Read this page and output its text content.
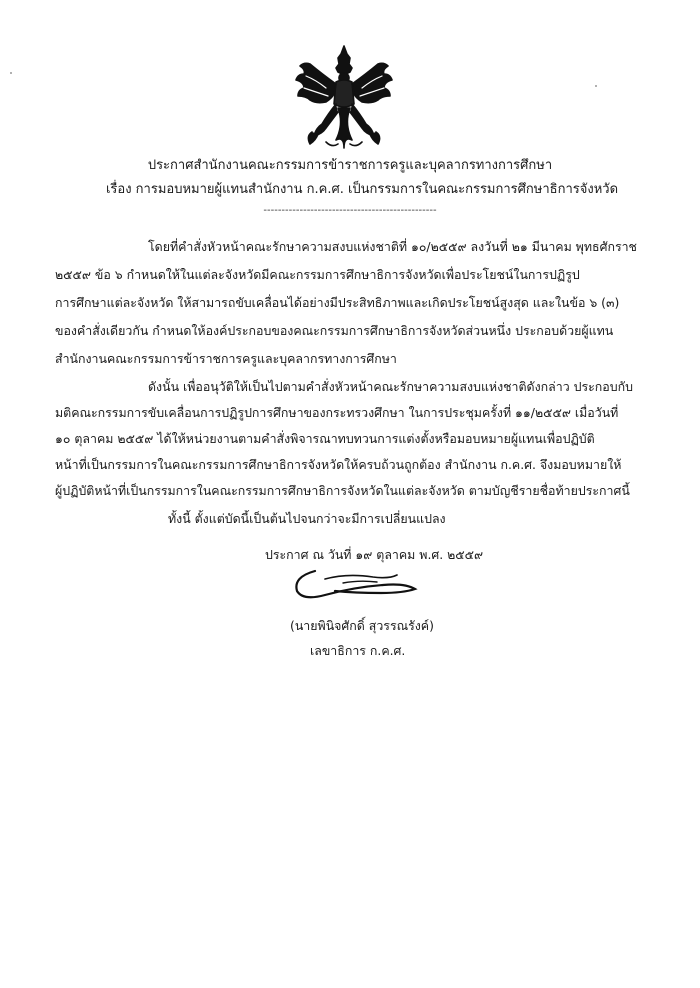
ประกาศสำนักงานคณะกรรมการข้าราชการครูและบุคลากรทางการศึกษา
เรื่อง การมอบหมายผู้แทนสำนักงาน ก.ค.ศ. เป็นกรรมการในคณะกรรมการศึกษาธิการจังหวัด
------------------------------------------------
โดยที่คำสั่งหัวหน้าคณะรักษาความสงบแห่งชาติที่ ๑๐/๒๕๕๙ ลงวันที่ ๒๑ มีนาคม พุทธศักราช
๒๕๕๙ ข้อ ๖ กำหนดให้ในแต่ละจังหวัดมีคณะกรรมการศึกษาธิการจังหวัดเพื่อประโยชน์ในการปฏิรูป
การศึกษาแต่ละจังหวัด ให้สามารถขับเคลื่อนได้อย่างมีประสิทธิภาพและเกิดประโยชน์สูงสุด และในข้อ ๖ (๓)
ของคำสั่งเดียวกัน กำหนดให้องค์ประกอบของคณะกรรมการศึกษาธิการจังหวัดส่วนหนึ่ง ประกอบด้วยผู้แทน
สำนักงานคณะกรรมการข้าราชการครูและบุคลากรทางการศึกษา
ดังนั้น เพื่ออนุวัติให้เป็นไปตามคำสั่งหัวหน้าคณะรักษาความสงบแห่งชาติดังกล่าว ประกอบกับ
มติคณะกรรมการขับเคลื่อนการปฏิรูปการศึกษาของกระทรวงศึกษา ในการประชุมครั้งที่ ๑๑/๒๕๕๙ เมื่อวันที่
๑๐ ตุลาคม ๒๕๕๙ ได้ให้หน่วยงานตามคำสั่งพิจารณาทบทวนการแต่งตั้งหรือมอบหมายผู้แทนเพื่อปฏิบัติ
หน้าที่เป็นกรรมการในคณะกรรมการศึกษาธิการจังหวัดให้ครบถ้วนถูกต้อง สำนักงาน ก.ค.ศ. จึงมอบหมายให้
ผู้ปฏิบัติหน้าที่เป็นกรรมการในคณะกรรมการศึกษาธิการจังหวัดในแต่ละจังหวัด ตามบัญชีรายชื่อท้ายประกาศนี้
ทั้งนี้ ตั้งแต่บัดนี้เป็นต้นไปจนกว่าจะมีการเปลี่ยนแปลง
ประกาศ ณ วันที่ ๑๙ ตุลาคม พ.ศ. ๒๕๕๙
(นายพินิจศักดิ์ สุวรรณรังค์)
เลขาธิการ ก.ค.ศ.
